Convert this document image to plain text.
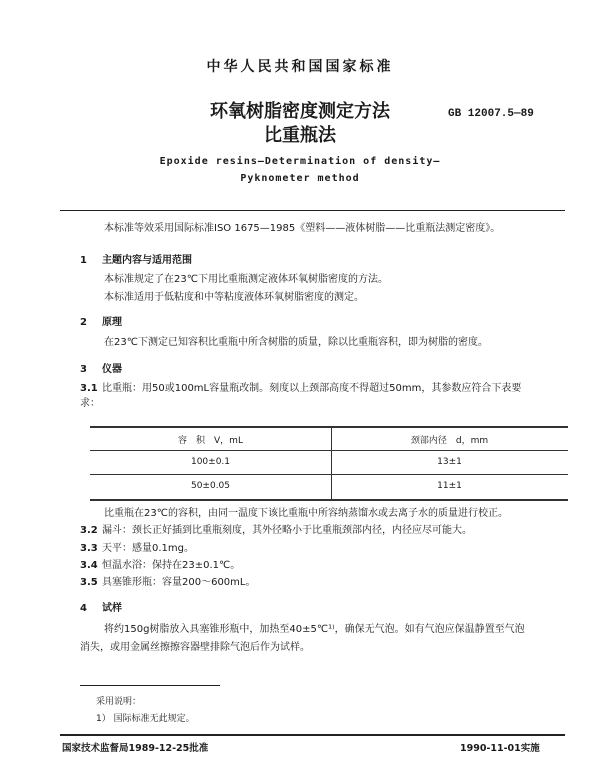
中华人民共和国国家标准
环氧树脂密度测定方法
比重瓶法
GB 12007.5—89
Epoxide resins—Determination of density—
Pyknometer method
本标准等效采用国际标准ISO 1675—1985《塑料——液体树脂——比重瓶法测定密度》。
1 主题内容与适用范围
本标准规定了在23℃下用比重瓶测定液体环氧树脂密度的方法。
本标准适用于低粘度和中等粘度液体环氧树脂密度的测定。
2 原理
在23℃下测定已知容积比重瓶中所含树脂的质量，除以比重瓶容积，即为树脂的密度。
3 仪器
3.1 比重瓶：用50或100mL容量瓶改制。刻度以上颈部高度不得超过50mm，其参数应符合下表要
求：
容　积　V，mL	颈部内径　d，mm
100±0.1	13±1
50±0.05	11±1
比重瓶在23℃的容积，由同一温度下该比重瓶中所容纳蒸馏水或去离子水的质量进行校正。
3.2 漏斗：颈长正好插到比重瓶刻度，其外径略小于比重瓶颈部内径，内径应尽可能大。
3.3 天平：感量0.1mg。
3.4 恒温水浴：保持在23±0.1℃。
3.5 具塞锥形瓶：容量200～600mL。
4 试样
将约150g树脂放入具塞锥形瓶中，加热至40±5℃¹⁾，确保无气泡。如有气泡应保温静置至气泡
消失，或用金属丝擦擦容器壁排除气泡后作为试样。
采用说明：
1） 国际标准无此规定。
国家技术监督局1989-12-25批准	1990-11-01实施
